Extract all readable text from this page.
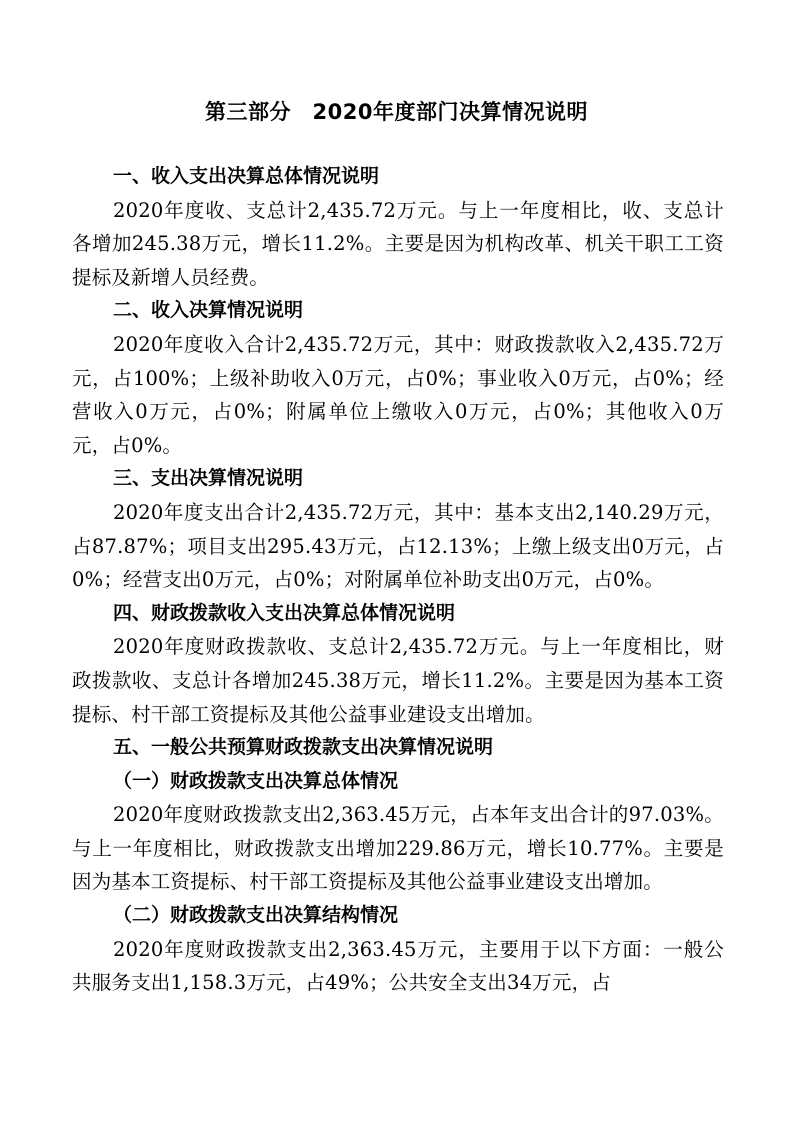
第三部分　2020年度部门决算情况说明
一、收入支出决算总体情况说明
2020年度收、支总计2,435.72万元。与上一年度相比，收、支总计各增加245.38万元，增长11.2%。主要是因为机构改革、机关干职工工资提标及新增人员经费。
二、收入决算情况说明
2020年度收入合计2,435.72万元，其中：财政拨款收入2,435.72万元，占100%；上级补助收入0万元，占0%；事业收入0万元，占0%；经营收入0万元，占0%；附属单位上缴收入0万元，占0%；其他收入0万元，占0%。
三、支出决算情况说明
2020年度支出合计2,435.72万元，其中：基本支出2,140.29万元，占87.87%；项目支出295.43万元，占12.13%；上缴上级支出0万元，占0%；经营支出0万元，占0%；对附属单位补助支出0万元，占0%。
四、财政拨款收入支出决算总体情况说明
2020年度财政拨款收、支总计2,435.72万元。与上一年度相比，财政拨款收、支总计各增加245.38万元，增长11.2%。主要是因为基本工资提标、村干部工资提标及其他公益事业建设支出增加。
五、一般公共预算财政拨款支出决算情况说明
（一）财政拨款支出决算总体情况
2020年度财政拨款支出2,363.45万元，占本年支出合计的97.03%。与上一年度相比，财政拨款支出增加229.86万元，增长10.77%。主要是因为基本工资提标、村干部工资提标及其他公益事业建设支出增加。
（二）财政拨款支出决算结构情况
2020年度财政拨款支出2,363.45万元，主要用于以下方面：一般公共服务支出1,158.3万元，占49%；公共安全支出34万元，占
